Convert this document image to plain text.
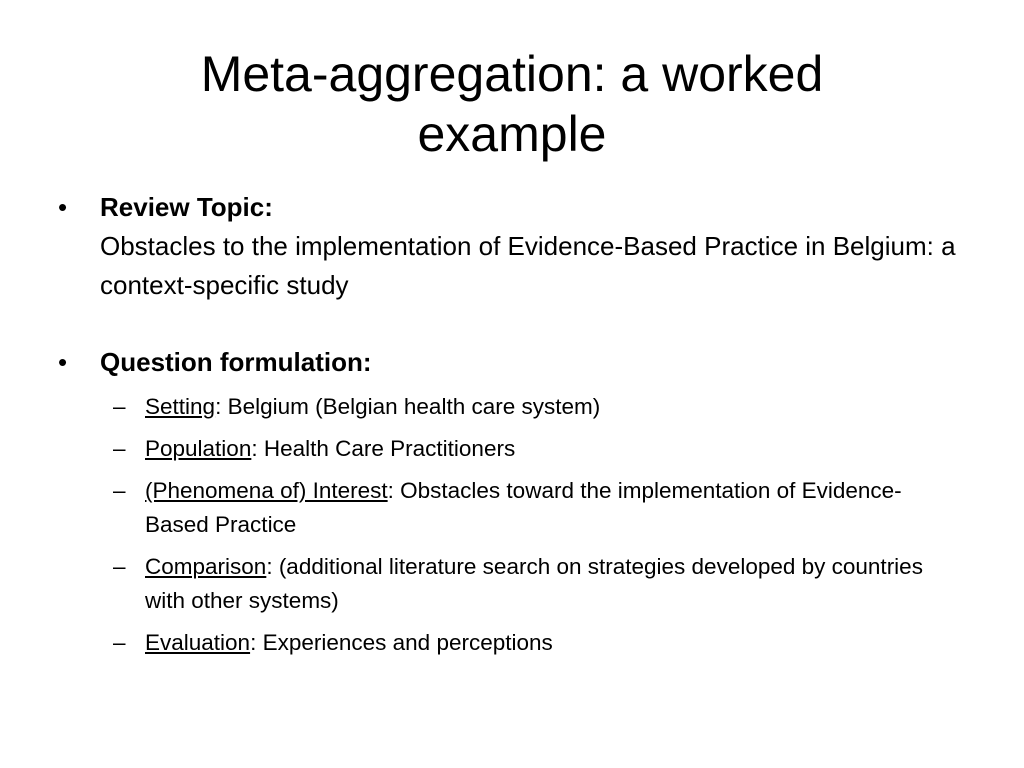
Meta-aggregation: a worked
example
• Review Topic:
Obstacles to the implementation of Evidence-Based Practice in Belgium: a context-specific study
• Question formulation:
– Setting: Belgium (Belgian health care system)
– Population: Health Care Practitioners
– (Phenomena of) Interest: Obstacles toward the implementation of Evidence-Based Practice
– Comparison: (additional literature search on strategies developed by countries with other systems)
– Evaluation: Experiences and perceptions
